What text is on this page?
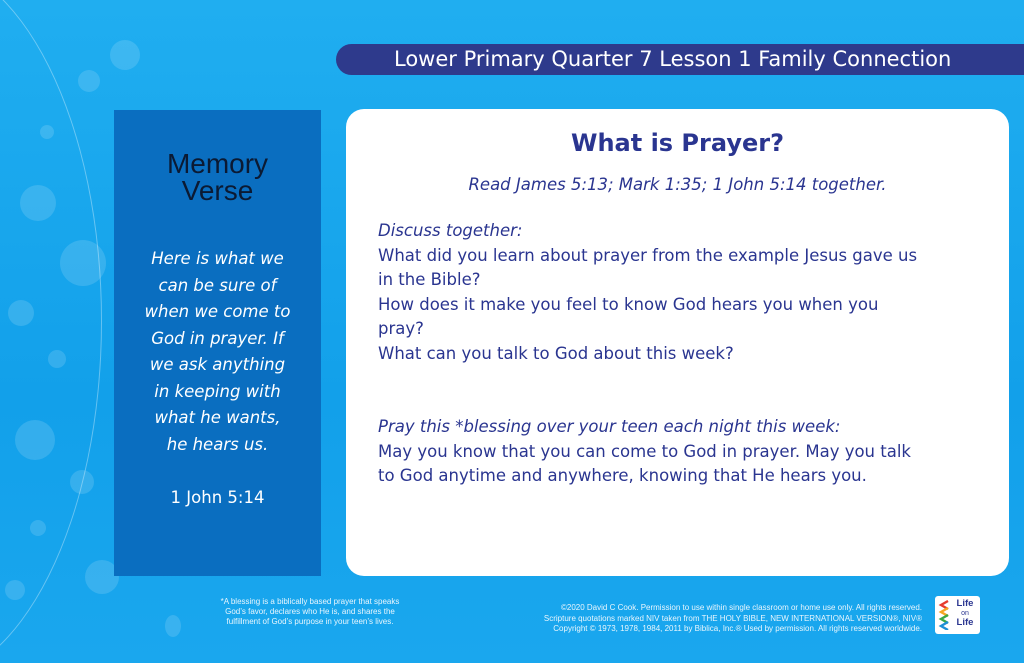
Lower Primary Quarter 7 Lesson 1 Family Connection
Memory
Verse

Here is what we
can be sure of
when we come to
God in prayer. If
we ask anything
in keeping with
what he wants,
he hears us.

1 John 5:14
What is Prayer?
Read James 5:13; Mark 1:35; 1 John 5:14 together.
Discuss together:
What did you learn about prayer from the example Jesus gave us
in the Bible?
How does it make you feel to know God hears you when you
pray?
What can you talk to God about this week?
Pray this *blessing over your teen each night this week:
May you know that you can come to God in prayer. May you talk
to God anytime and anywhere, knowing that He hears you.
*A blessing is a biblically based prayer that speaks
God’s favor, declares who He is, and shares the
fulfillment of God’s purpose in your teen’s lives.
©2020 David C Cook. Permission to use within single classroom or home use only. All rights reserved.
Scripture quotations marked NIV taken from THE HOLY BIBLE, NEW INTERNATIONAL VERSION®, NIV®
Copyright © 1973, 1978, 1984, 2011 by Biblica, Inc.® Used by permission. All rights reserved worldwide.
Life
on
Life
